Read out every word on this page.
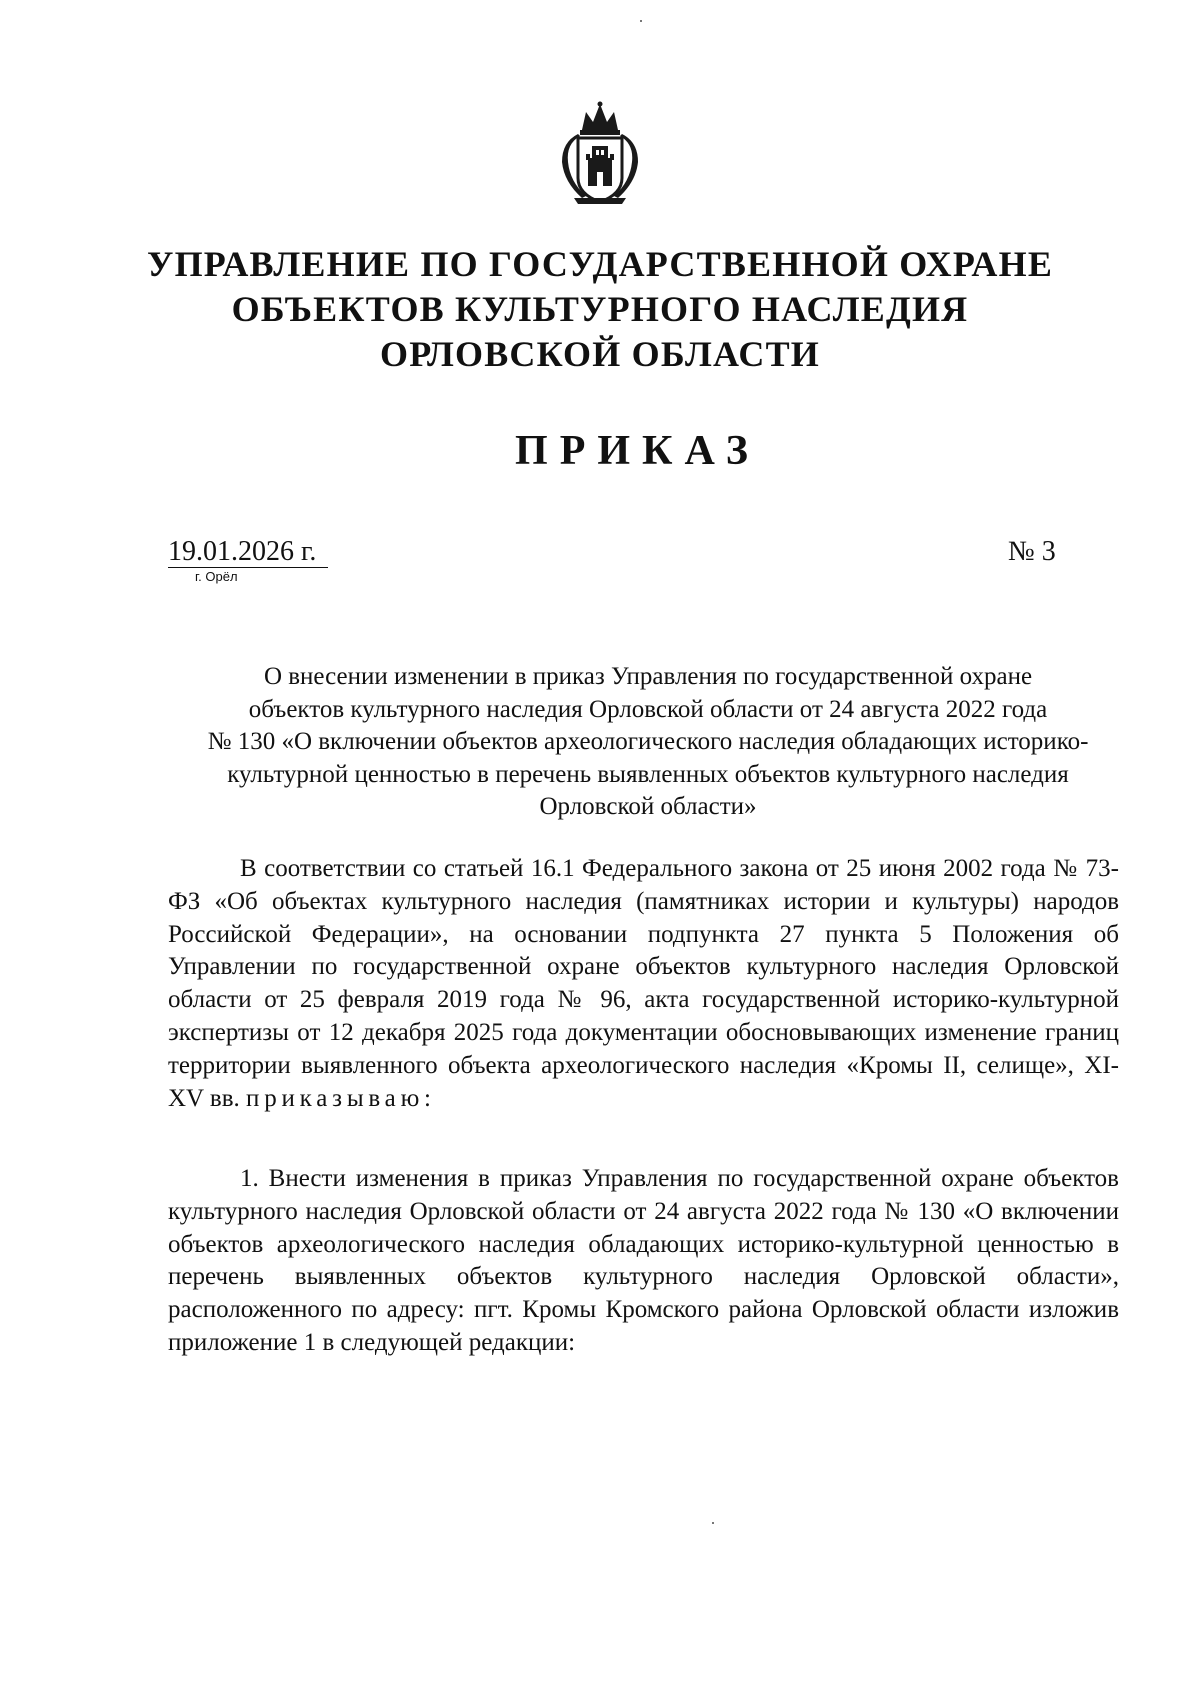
УПРАВЛЕНИЕ ПО ГОСУДАРСТВЕННОЙ ОХРАНЕ
ОБЪЕКТОВ КУЛЬТУРНОГО НАСЛЕДИЯ
ОРЛОВСКОЙ ОБЛАСТИ
ПРИКАЗ
19.01.2026 г.
г. Орёл
№ 3
О внесении изменении в приказ Управления по государственной охране
объектов культурного наследия Орловской области от 24 августа 2022 года
№ 130 «О включении объектов археологического наследия обладающих историко-
культурной ценностью в перечень выявленных объектов культурного наследия
Орловской области»
В соответствии со статьей 16.1 Федерального закона от 25 июня 2002 года № 73-ФЗ «Об объектах культурного наследия (памятниках истории и культуры) народов Российской Федерации», на основании подпункта 27 пункта 5 Положения об Управлении по государственной охране объектов культурного наследия Орловской области от 25 февраля 2019 года № 96, акта государственной историко-культурной экспертизы от 12 декабря 2025 года документации обосновывающих изменение границ территории выявленного объекта археологического наследия «Кромы II, селище», XI-XV вв. приказываю:
1. Внести изменения в приказ Управления по государственной охране объектов культурного наследия Орловской области от 24 августа 2022 года № 130 «О включении объектов археологического наследия обладающих историко-культурной ценностью в перечень выявленных объектов культурного наследия Орловской области», расположенного по адресу: пгт. Кромы Кромского района Орловской области изложив приложение 1 в следующей редакции:
